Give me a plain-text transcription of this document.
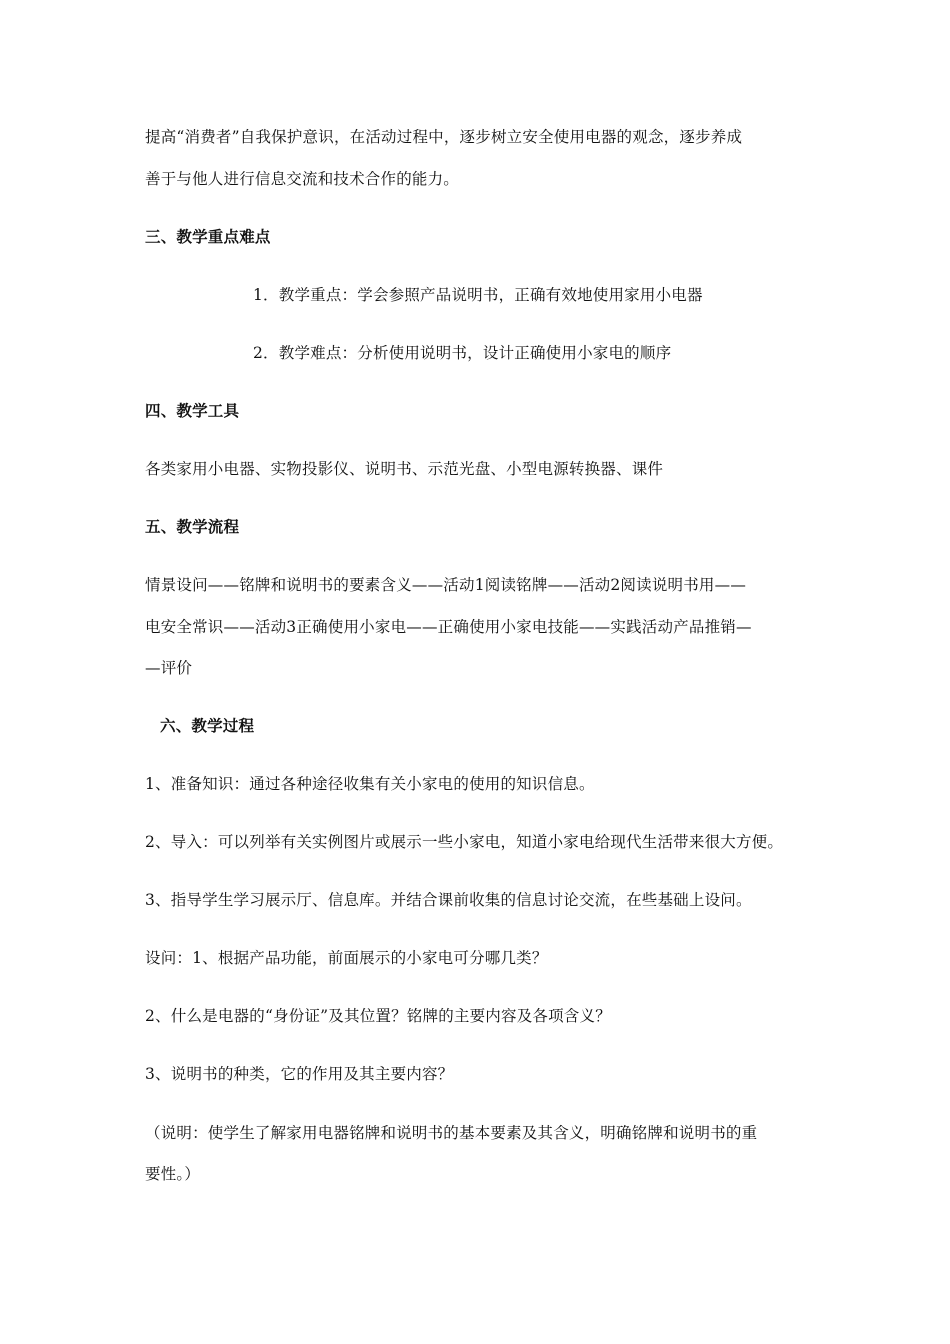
提高“消费者”自我保护意识，在活动过程中，逐步树立安全使用电器的观念，逐步养成
善于与他人进行信息交流和技术合作的能力。
三、教学重点难点
1．教学重点：学会参照产品说明书，正确有效地使用家用小电器
2．教学难点：分析使用说明书，设计正确使用小家电的顺序
四、教学工具
各类家用小电器、实物投影仪、说明书、示范光盘、小型电源转换器、课件
五、教学流程
情景设问——铭牌和说明书的要素含义——活动1阅读铭牌——活动2阅读说明书用——
电安全常识——活动3正确使用小家电——正确使用小家电技能——实践活动产品推销—
—评价
六、教学过程
1、准备知识：通过各种途径收集有关小家电的使用的知识信息。
2、导入：可以列举有关实例图片或展示一些小家电，知道小家电给现代生活带来很大方便。
3、指导学生学习展示厅、信息库。并结合课前收集的信息讨论交流，在些基础上设问。
设问：1、根据产品功能，前面展示的小家电可分哪几类？
2、什么是电器的“身份证”及其位置？铭牌的主要内容及各项含义？
3、说明书的种类，它的作用及其主要内容？
（说明：使学生了解家用电器铭牌和说明书的基本要素及其含义，明确铭牌和说明书的重
要性。）
